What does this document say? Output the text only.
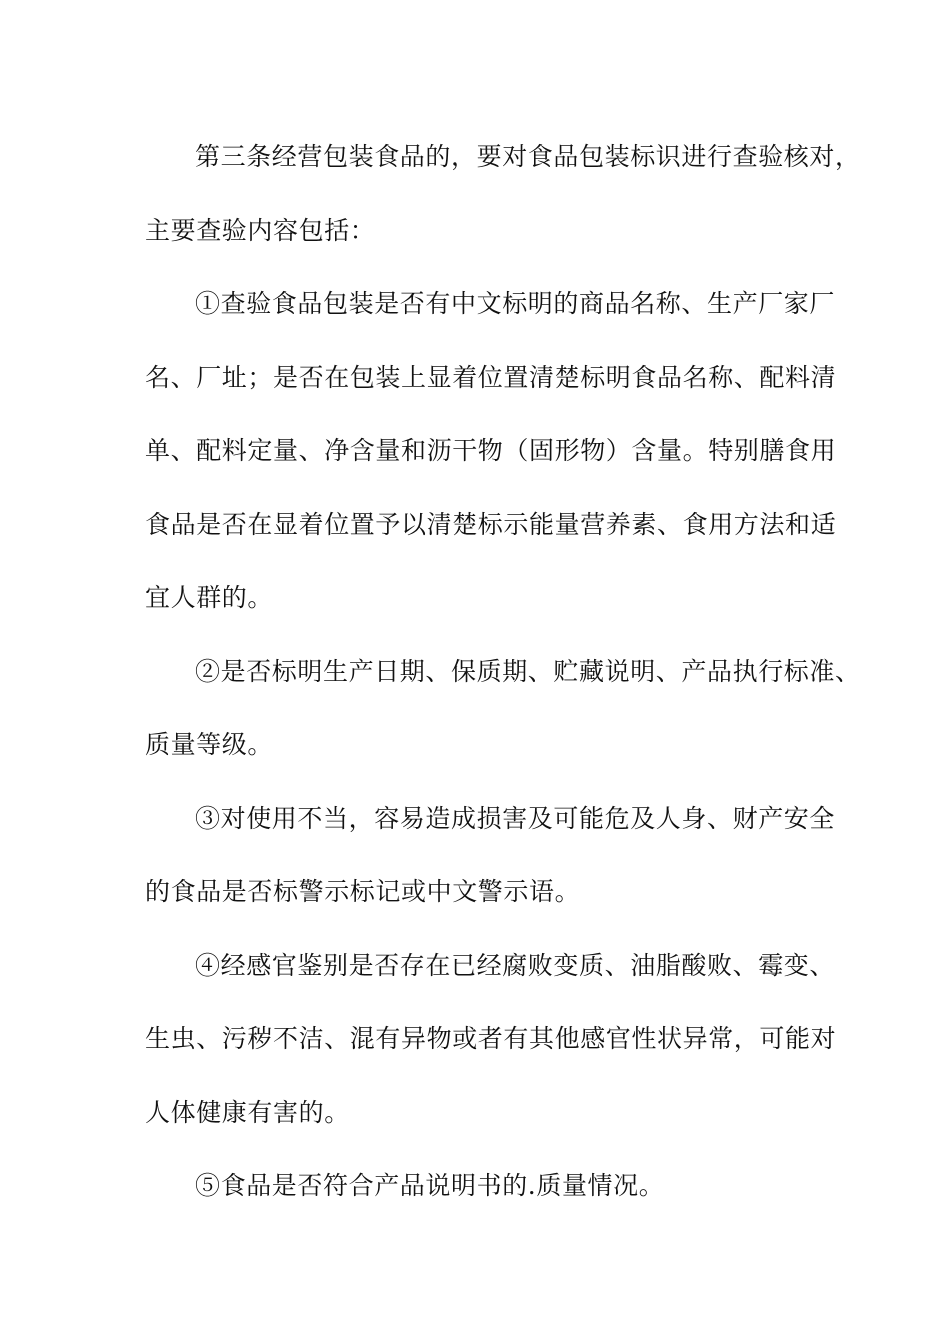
第三条经营包装食品的，要对食品包装标识进行查验核对，
主要查验内容包括：
①查验食品包装是否有中文标明的商品名称、生产厂家厂
名、厂址；是否在包装上显着位置清楚标明食品名称、配料清
单、配料定量、净含量和沥干物（固形物）含量。特别膳食用
食品是否在显着位置予以清楚标示能量营养素、食用方法和适
宜人群的。
②是否标明生产日期、保质期、贮藏说明、产品执行标准、
质量等级。
③对使用不当，容易造成损害及可能危及人身、财产安全
的食品是否标警示标记或中文警示语。
④经感官鉴别是否存在已经腐败变质、油脂酸败、霉变、
生虫、污秽不洁、混有异物或者有其他感官性状异常，可能对
人体健康有害的。
⑤食品是否符合产品说明书的.质量情况。
